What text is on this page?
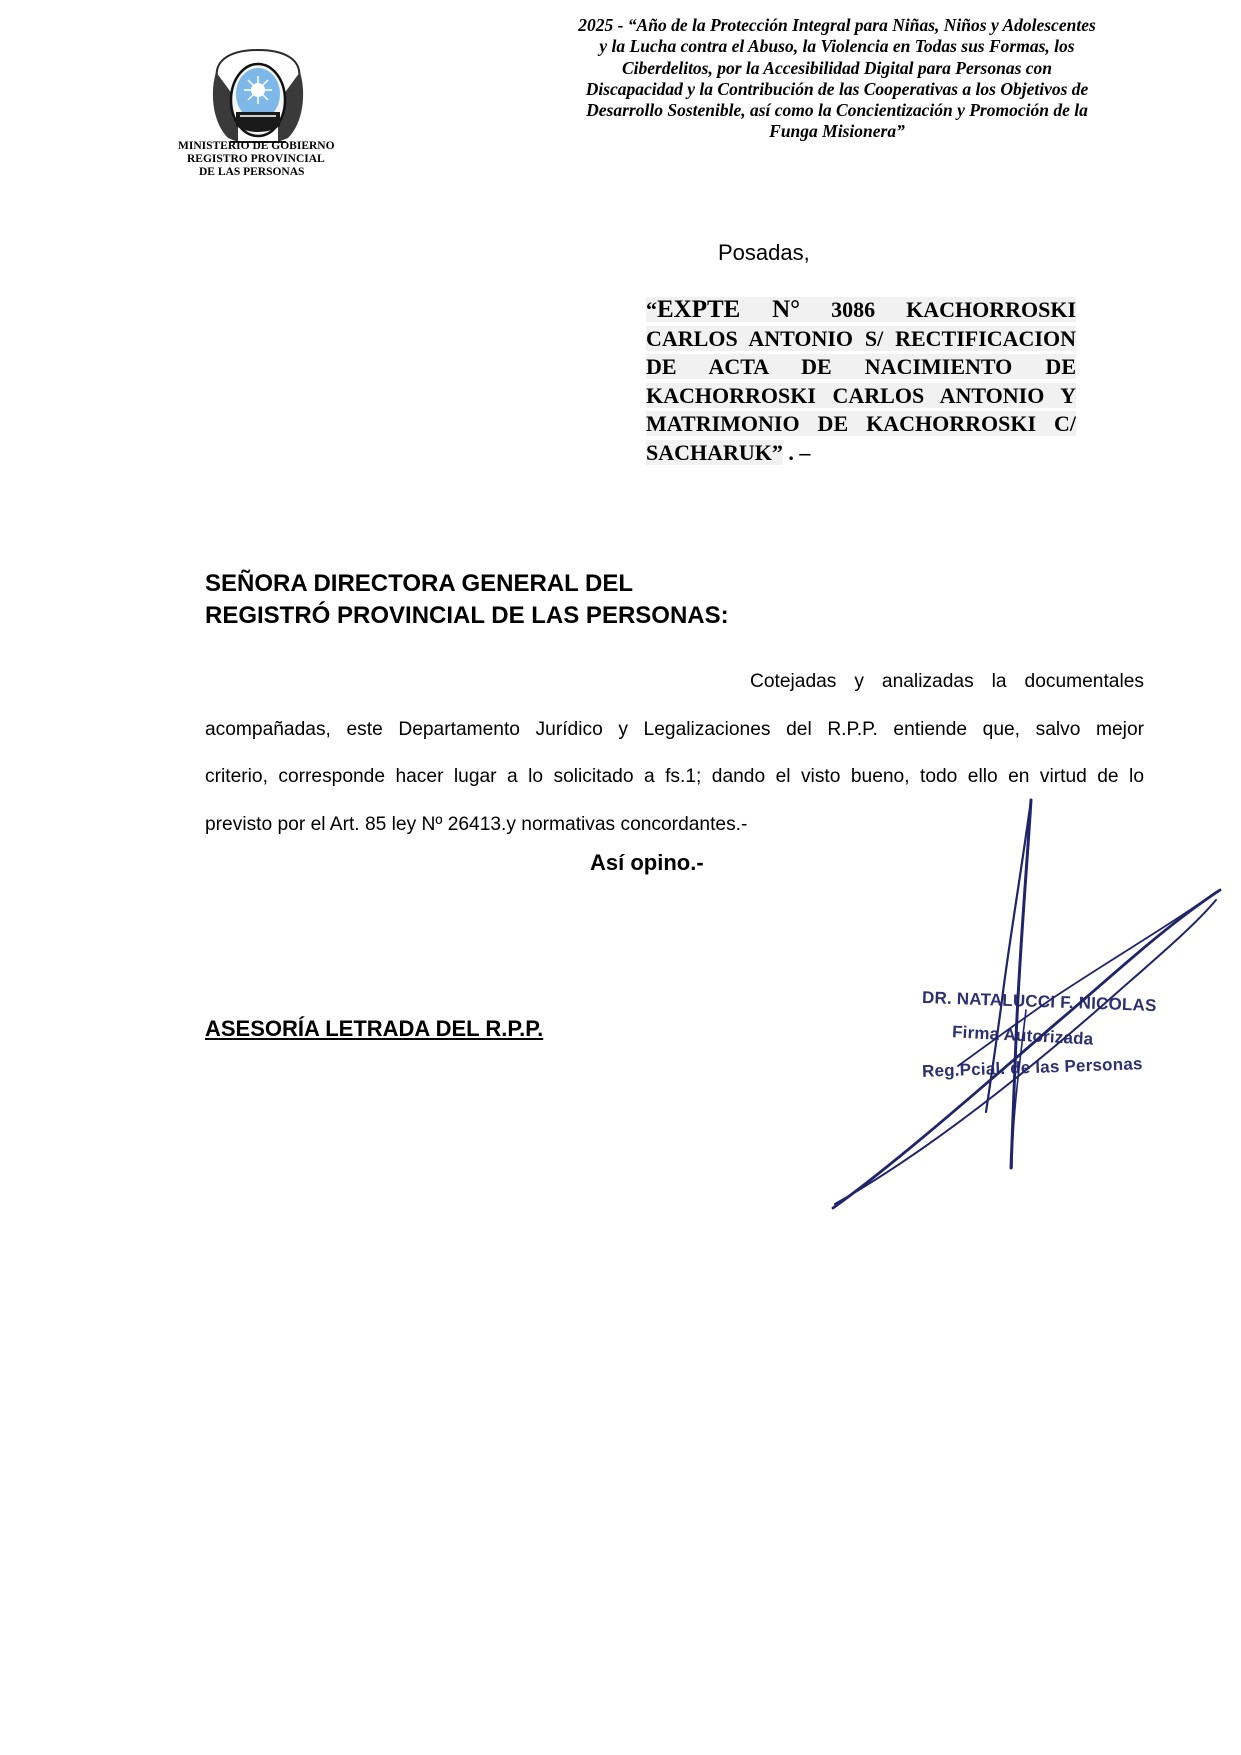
MINISTERIO DE GOBIERNO
REGISTRO PROVINCIAL
DE LAS PERSONAS
2025 - “Año de la Protección Integral para Niñas, Niños y Adolescentes
y la Lucha contra el Abuso, la Violencia en Todas sus Formas, los
Ciberdelitos, por la Accesibilidad Digital para Personas con
Discapacidad y la Contribución de las Cooperativas a los Objetivos de
Desarrollo Sostenible, así como la Concientización y Promoción de la
Funga Misionera”
Posadas,
“EXPTE N° 3086 KACHORROSKI
CARLOS ANTONIO S/ RECTIFICACION
DE ACTA DE NACIMIENTO DE
KACHORROSKI CARLOS ANTONIO Y
MATRIMONIO DE KACHORROSKI C/
SACHARUK” . –
SEÑORA DIRECTORA GENERAL DEL
REGISTRÓ PROVINCIAL DE LAS PERSONAS:
Cotejadas y analizadas la documentales
acompañadas, este Departamento Jurídico y Legalizaciones del R.P.P. entiende que, salvo mejor
criterio, corresponde hacer lugar a lo solicitado a fs.1; dando el visto bueno, todo ello en virtud de lo
previsto por el Art. 85 ley Nº 26413.y normativas concordantes.-
Así opino.-
ASESORÍA LETRADA DEL R.P.P.
DR. NATALUCCI F. NICOLAS
Firma Autorizada
Reg.Pcial. de las Personas
